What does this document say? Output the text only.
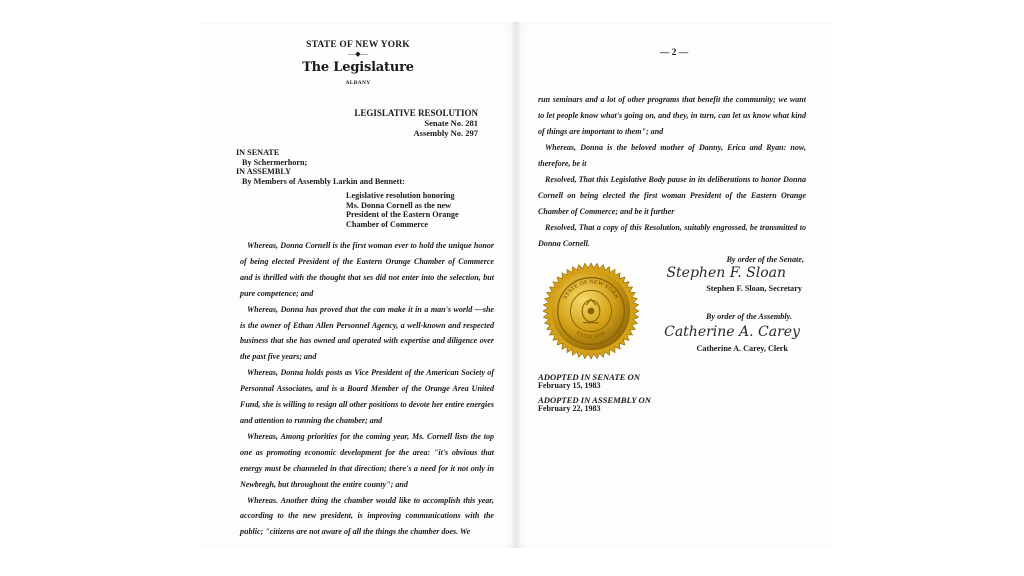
STATE OF NEW YORK
—◆—
The Legislature
ALBANY
LEGISLATIVE RESOLUTION
Senate No. 281
Assembly No. 297
IN SENATE
By Schermerhorn;
IN ASSEMBLY
By Members of Assembly Larkin and Bennett:
Legislative resolution honoring
Ms. Donna Cornell as the new
President of the Eastern Orange
Chamber of Commerce

Whereas, Donna Cornell is the first woman ever to hold the unique honor of being elected President of the Eastern Orange Chamber of Commerce and is thrilled with the thought that ses did not enter into the selection, but pure competence; and

Whereas, Donna has proved that the can make it in a man's world —she is the owner of Ethan Allen Personnel Agency, a well-known and respected business that she has owned and operated with expertise and diligence over the past five years; and

Whereas, Donna holds posts as Vice President of the American Society of Personnal Associates, and is a Board Member of the Orange Area United Fund, she is willing to resign all other positions to devote her entire energies and attention to running the chamber; and

Whereas, Among priorities for the coming year, Ms. Cornell lists the top one as promoting economic development for the area: "it's obvious that energy must be channeled in that direction; there's a need for it not only in Newbregh, but throughout the entire county"; and

Whereas. Another thing the chamber would like to accomplish this year, according to the new president, is improving communications with the public; "citizens are not aware of all the things the chamber does. We

— 2 —

run seminars and a lot of other programs that benefit the community; we want to let people know what's going on, and they, in turn, can let us know what kind of things are important to them"; and

Whereas, Donna is the beloved mother of Danny, Erica and Ryan: now, therefore, be it

Resolved, That this Legislative Body pause in its deliberations to honor Donna Cornell on being elected the first woman President of the Eastern Orange Chamber of Commerce; and be it further

Resolved, That a copy of this Resolution, suitably engrossed, be transmitted to Donna Cornell.

By order of the Senate,
Stephen F. Sloan
Stephen F. Sloan, Secretary
By order of the Assembly.
Catherine A. Carey
Catherine A. Carey, Clerk
STATE OF NEW YORK
EXCELSIOR
ADOPTED IN SENATE ON
February 15, 1983
ADOPTED IN ASSEMBLY ON
February 22, 1983
